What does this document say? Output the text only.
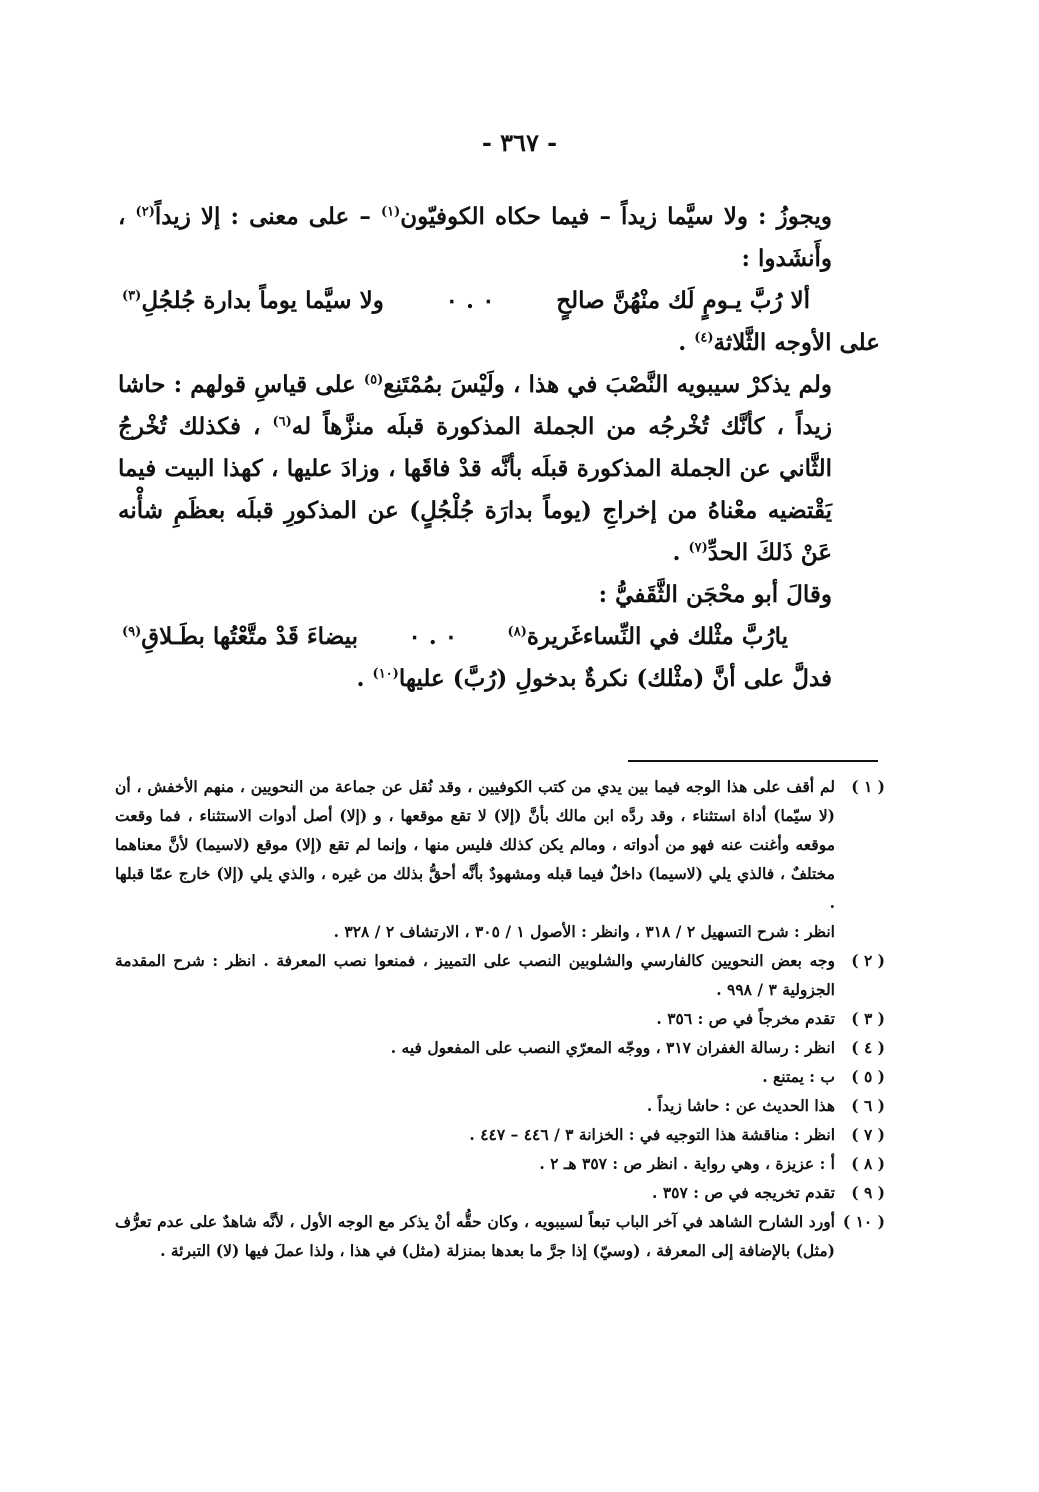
- ٣٦٧ -

ويجوزُ : ولا سيَّما زيداً – فيما حكاه الكوفيّون$^{(١)}$ – على معنى : إلا زيداً$^{(٢)}$ ، وأَنشَدوا :

ألا رُبَّ يـومٍ لَك منْهُنَّ صالحٍ
٠ . ٠
ولا سيَّما يوماً بدارة جُلجُلِ$^{(٣)}$

على الأوجه الثَّلاثة$^{(٤)}$ .

ولم يذكرْ سيبويه النَّصْبَ في هذا ، ولَيْسَ بمُمْتَنِع$^{(٥)}$ على قياسِ قولهم : حاشا زيداً ، كأنَّك تُخْرجُه من الجملة المذكورة قبلَه منزَّهاً له$^{(٦)}$ ، فكذلك تُخْرجُ الثَّاني عن الجملة المذكورة قبلَه بأنَّه قدْ فاقَها ، وزادَ عليها ، كهذا البيت فيما يَقْتضيه معْناهُ من إخراجِ (يوماً بدارَة جُلْجُلٍ) عن المذكورِ قبلَه بعظَمِ شأْنه عَنْ ذَلكَ الحدِّ$^{(٧)}$ .

وقالَ أبو محْجَن الثَّقَفيُّ :

يارُبَّ مثْلك في النِّساءغَريرة$^{(٨)}$
٠ . ٠
بيضاءَ قَدْ متَّعْتُها بطَـلاقِ$^{(٩)}$

فدلَّ على أنَّ (مثْلك) نكرةٌ بدخولِ (رُبَّ) عليها$^{(١٠)}$ .

( ١ )

لم أقف على هذا الوجه فيما بين يدي من كتب الكوفيين ، وقد نُقل عن جماعة من النحويين ، منهم الأخفش ، أن (لا سيّما) أداة استثناء ، وقد ردَّه ابن مالك بأنَّ (إلا) لا تقع موقعها ، و (إلا) أصل أدوات الاستثناء ، فما وقعت موقعه وأغنت عنه فهو من أدواته ، ومالم يكن كذلك فليس منها ، وإنما لم تقع (إلا) موقع (لاسيما) لأنَّ معناهما مختلفٌ ، فالذي يلي (لاسيما) داخلٌ فيما قبله ومشهودٌ بأنَّه أحقُّ بذلك من غيره ، والذي يلي (إلا) خارج عمّا قبلها .

انظر : شرح التسهيل ٢ / ٣١٨ ، وانظر : الأصول ١ / ٣٠٥ ، الارتشاف ٢ / ٣٢٨ .

( ٢ )

وجه بعض النحويين كالفارسي والشلوبين النصب على التمييز ، فمنعوا نصب المعرفة . انظر : شرح المقدمة الجزولية ٣ / ٩٩٨ .

( ٣ )

تقدم مخرجاً في ص : ٣٥٦ .

( ٤ )

انظر : رسالة الغفران ٣١٧ ، ووجّه المعرّي النصب على المفعول فيه .

( ٥ )

ب : يمتنع .

( ٦ )

هذا الحديث عن : حاشا زيداً .

( ٧ )

انظر : مناقشة هذا التوجيه في : الخزانة ٣ / ٤٤٦ – ٤٤٧ .

( ٨ )

أ : عزيزة ، وهي رواية . انظر ص : ٣٥٧ هـ ٢ .

( ٩ )

تقدم تخريجه في ص : ٣٥٧ .

( ١٠ )

أورد الشارح الشاهد في آخر الباب تبعاً لسيبويه ، وكان حقُّه أنْ يذكر مع الوجه الأول ، لأنَّه شاهدٌ على عدم تعرُّف (مثل) بالإضافة إلى المعرفة ، (وسيّ) إذا جرَّ ما بعدها بمنزلة (مثل) في هذا ، ولذا عملَ فيها (لا) التبرئة .
